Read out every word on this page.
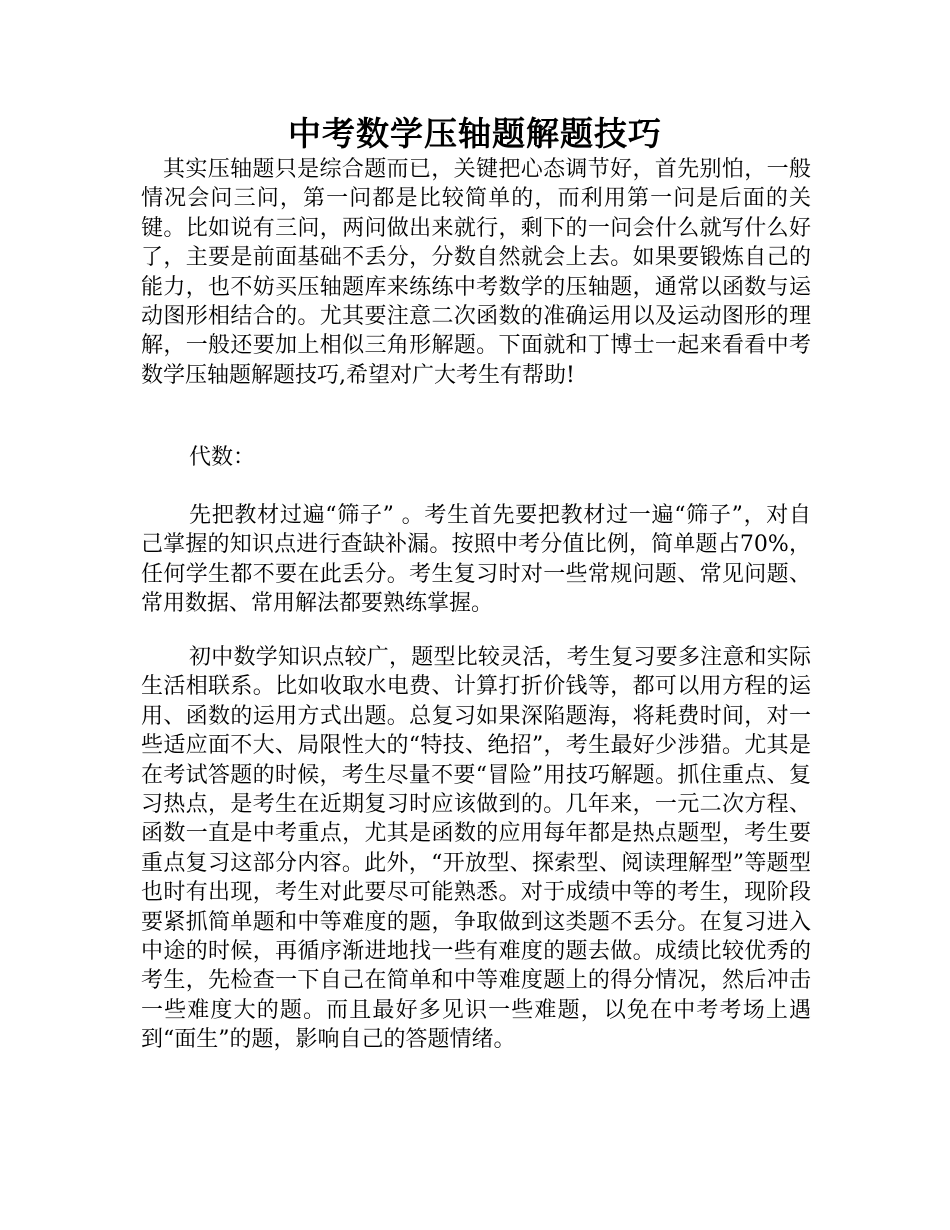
中考数学压轴题解题技巧

其实压轴题只是综合题而已，关键把心态调节好，首先别怕，一般情况会问三问，第一问都是比较简单的，而利用第一问是后面的关键。比如说有三问，两问做出来就行，剩下的一问会什么就写什么好了，主要是前面基础不丢分，分数自然就会上去。如果要锻炼自己的能力，也不妨买压轴题库来练练中考数学的压轴题，通常以函数与运动图形相结合的。尤其要注意二次函数的准确运用以及运动图形的理解，一般还要加上相似三角形解题。下面就和丁博士一起来看看中考数学压轴题解题技巧,希望对广大考生有帮助!

代数：

先把教材过遍“筛子” 。考生首先要把教材过一遍“筛子”，对自己掌握的知识点进行查缺补漏。按照中考分值比例，简单题占70%，任何学生都不要在此丢分。考生复习时对一些常规问题、常见问题、常用数据、常用解法都要熟练掌握。

初中数学知识点较广，题型比较灵活，考生复习要多注意和实际生活相联系。比如收取水电费、计算打折价钱等，都可以用方程的运用、函数的运用方式出题。总复习如果深陷题海，将耗费时间，对一些适应面不大、局限性大的“特技、绝招”，考生最好少涉猎。尤其是在考试答题的时候，考生尽量不要“冒险”用技巧解题。抓住重点、复习热点，是考生在近期复习时应该做到的。几年来，一元二次方程、函数一直是中考重点，尤其是函数的应用每年都是热点题型，考生要重点复习这部分内容。此外，“开放型、探索型、阅读理解型”等题型也时有出现，考生对此要尽可能熟悉。对于成绩中等的考生，现阶段要紧抓简单题和中等难度的题，争取做到这类题不丢分。在复习进入中途的时候，再循序渐进地找一些有难度的题去做。成绩比较优秀的考生，先检查一下自己在简单和中等难度题上的得分情况，然后冲击一些难度大的题。而且最好多见识一些难题，以免在中考考场上遇到“面生”的题，影响自己的答题情绪。
